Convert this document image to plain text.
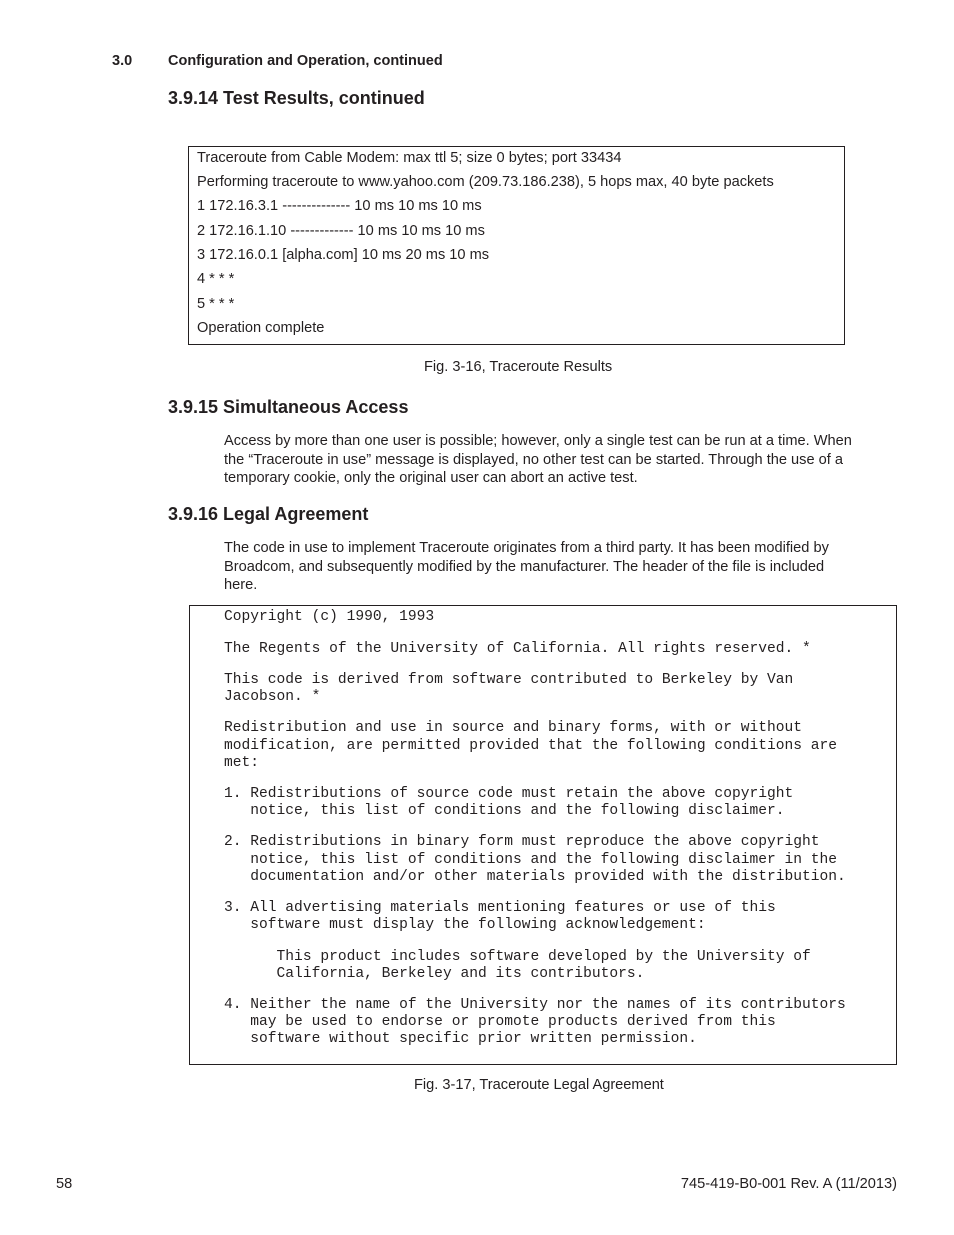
3.0 Configuration and Operation, continued
3.9.14 Test Results, continued
Traceroute from Cable Modem: max ttl 5; size 0 bytes; port 33434
Performing traceroute to www.yahoo.com (209.73.186.238), 5 hops max, 40 byte packets
1 172.16.3.1 -------------- 10 ms 10 ms 10 ms
2 172.16.1.10 ------------- 10 ms 10 ms 10 ms
3 172.16.0.1 [alpha.com] 10 ms 20 ms 10 ms
4 * * *
5 * * *
Operation complete
Fig. 3-16, Traceroute Results
3.9.15 Simultaneous Access
Access by more than one user is possible; however, only a single test can be run at a time. When
the “Traceroute in use” message is displayed, no other test can be started. Through the use of a
temporary cookie, only the original user can abort an active test.
3.9.16 Legal Agreement
The code in use to implement Traceroute originates from a third party. It has been modified by
Broadcom, and subsequently modified by the manufacturer. The header of the file is included
here.
Copyright (c) 1990, 1993
The Regents of the University of California. All rights reserved. *
This code is derived from software contributed to Berkeley by Van
Jacobson. *
Redistribution and use in source and binary forms, with or without
modification, are permitted provided that the following conditions are
met:
1. Redistributions of source code must retain the above copyright
notice, this list of conditions and the following disclaimer.
2. Redistributions in binary form must reproduce the above copyright
notice, this list of conditions and the following disclaimer in the
documentation and/or other materials provided with the distribution.
3. All advertising materials mentioning features or use of this
software must display the following acknowledgement:
This product includes software developed by the University of
California, Berkeley and its contributors.
4. Neither the name of the University nor the names of its contributors
may be used to endorse or promote products derived from this
software without specific prior written permission.
Fig. 3-17, Traceroute Legal Agreement
58	745-419-B0-001 Rev. A (11/2013)
